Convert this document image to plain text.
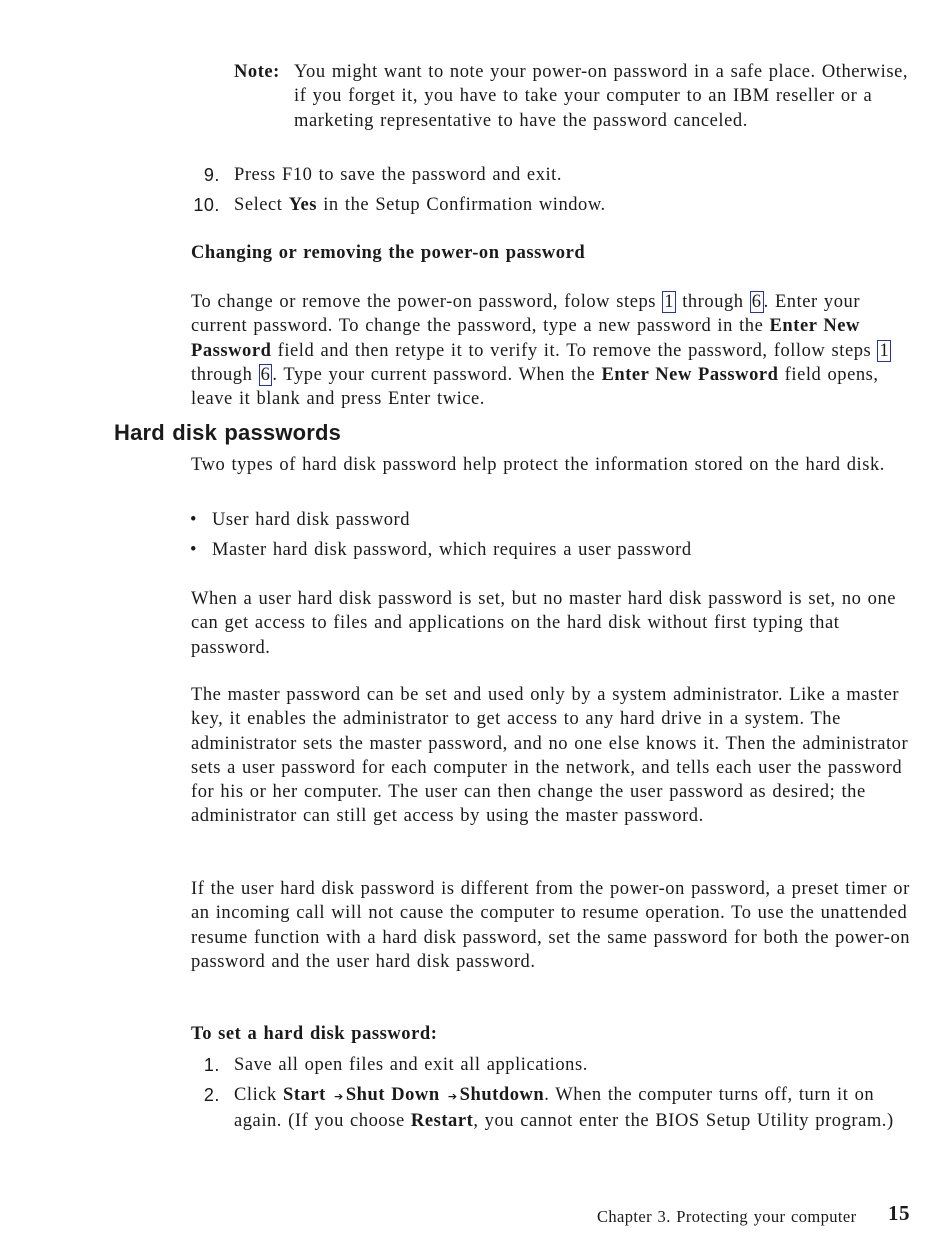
Note: You might want to note your power-on password in a safe place. Otherwise, if you forget it, you have to take your computer to an IBM reseller or a marketing representative to have the password canceled.
9. Press F10 to save the password and exit.
10. Select Yes in the Setup Confirmation window.
Changing or removing the power-on password
To change or remove the power-on password, folow steps 1 through 6 . Enter your current password. To change the password, type a new password in the Enter New Password field and then retype it to verify it. To remove the password, follow steps 1 through 6 . Type your current password. When the Enter New Password field opens, leave it blank and press Enter twice.
Hard disk passwords
Two types of hard disk password help protect the information stored on the hard disk.
• User hard disk password
• Master hard disk password, which requires a user password
When a user hard disk password is set, but no master hard disk password is set, no one can get access to files and applications on the hard disk without first typing that password.
The master password can be set and used only by a system administrator. Like a master key, it enables the administrator to get access to any hard drive in a system. The administrator sets the master password, and no one else knows it. Then the administrator sets a user password for each computer in the network, and tells each user the password for his or her computer. The user can then change the user password as desired; the administrator can still get access by using the master password.
If the user hard disk password is different from the power-on password, a preset timer or an incoming call will not cause the computer to resume operation. To use the unattended resume function with a hard disk password, set the same password for both the power-on password and the user hard disk password.
To set a hard disk password:
1. Save all open files and exit all applications.
2. Click Start ➔ Shut Down ➔ Shutdown. When the computer turns off, turn it on again. (If you choose Restart, you cannot enter the BIOS Setup Utility program.)
Chapter 3. Protecting your computer 15
